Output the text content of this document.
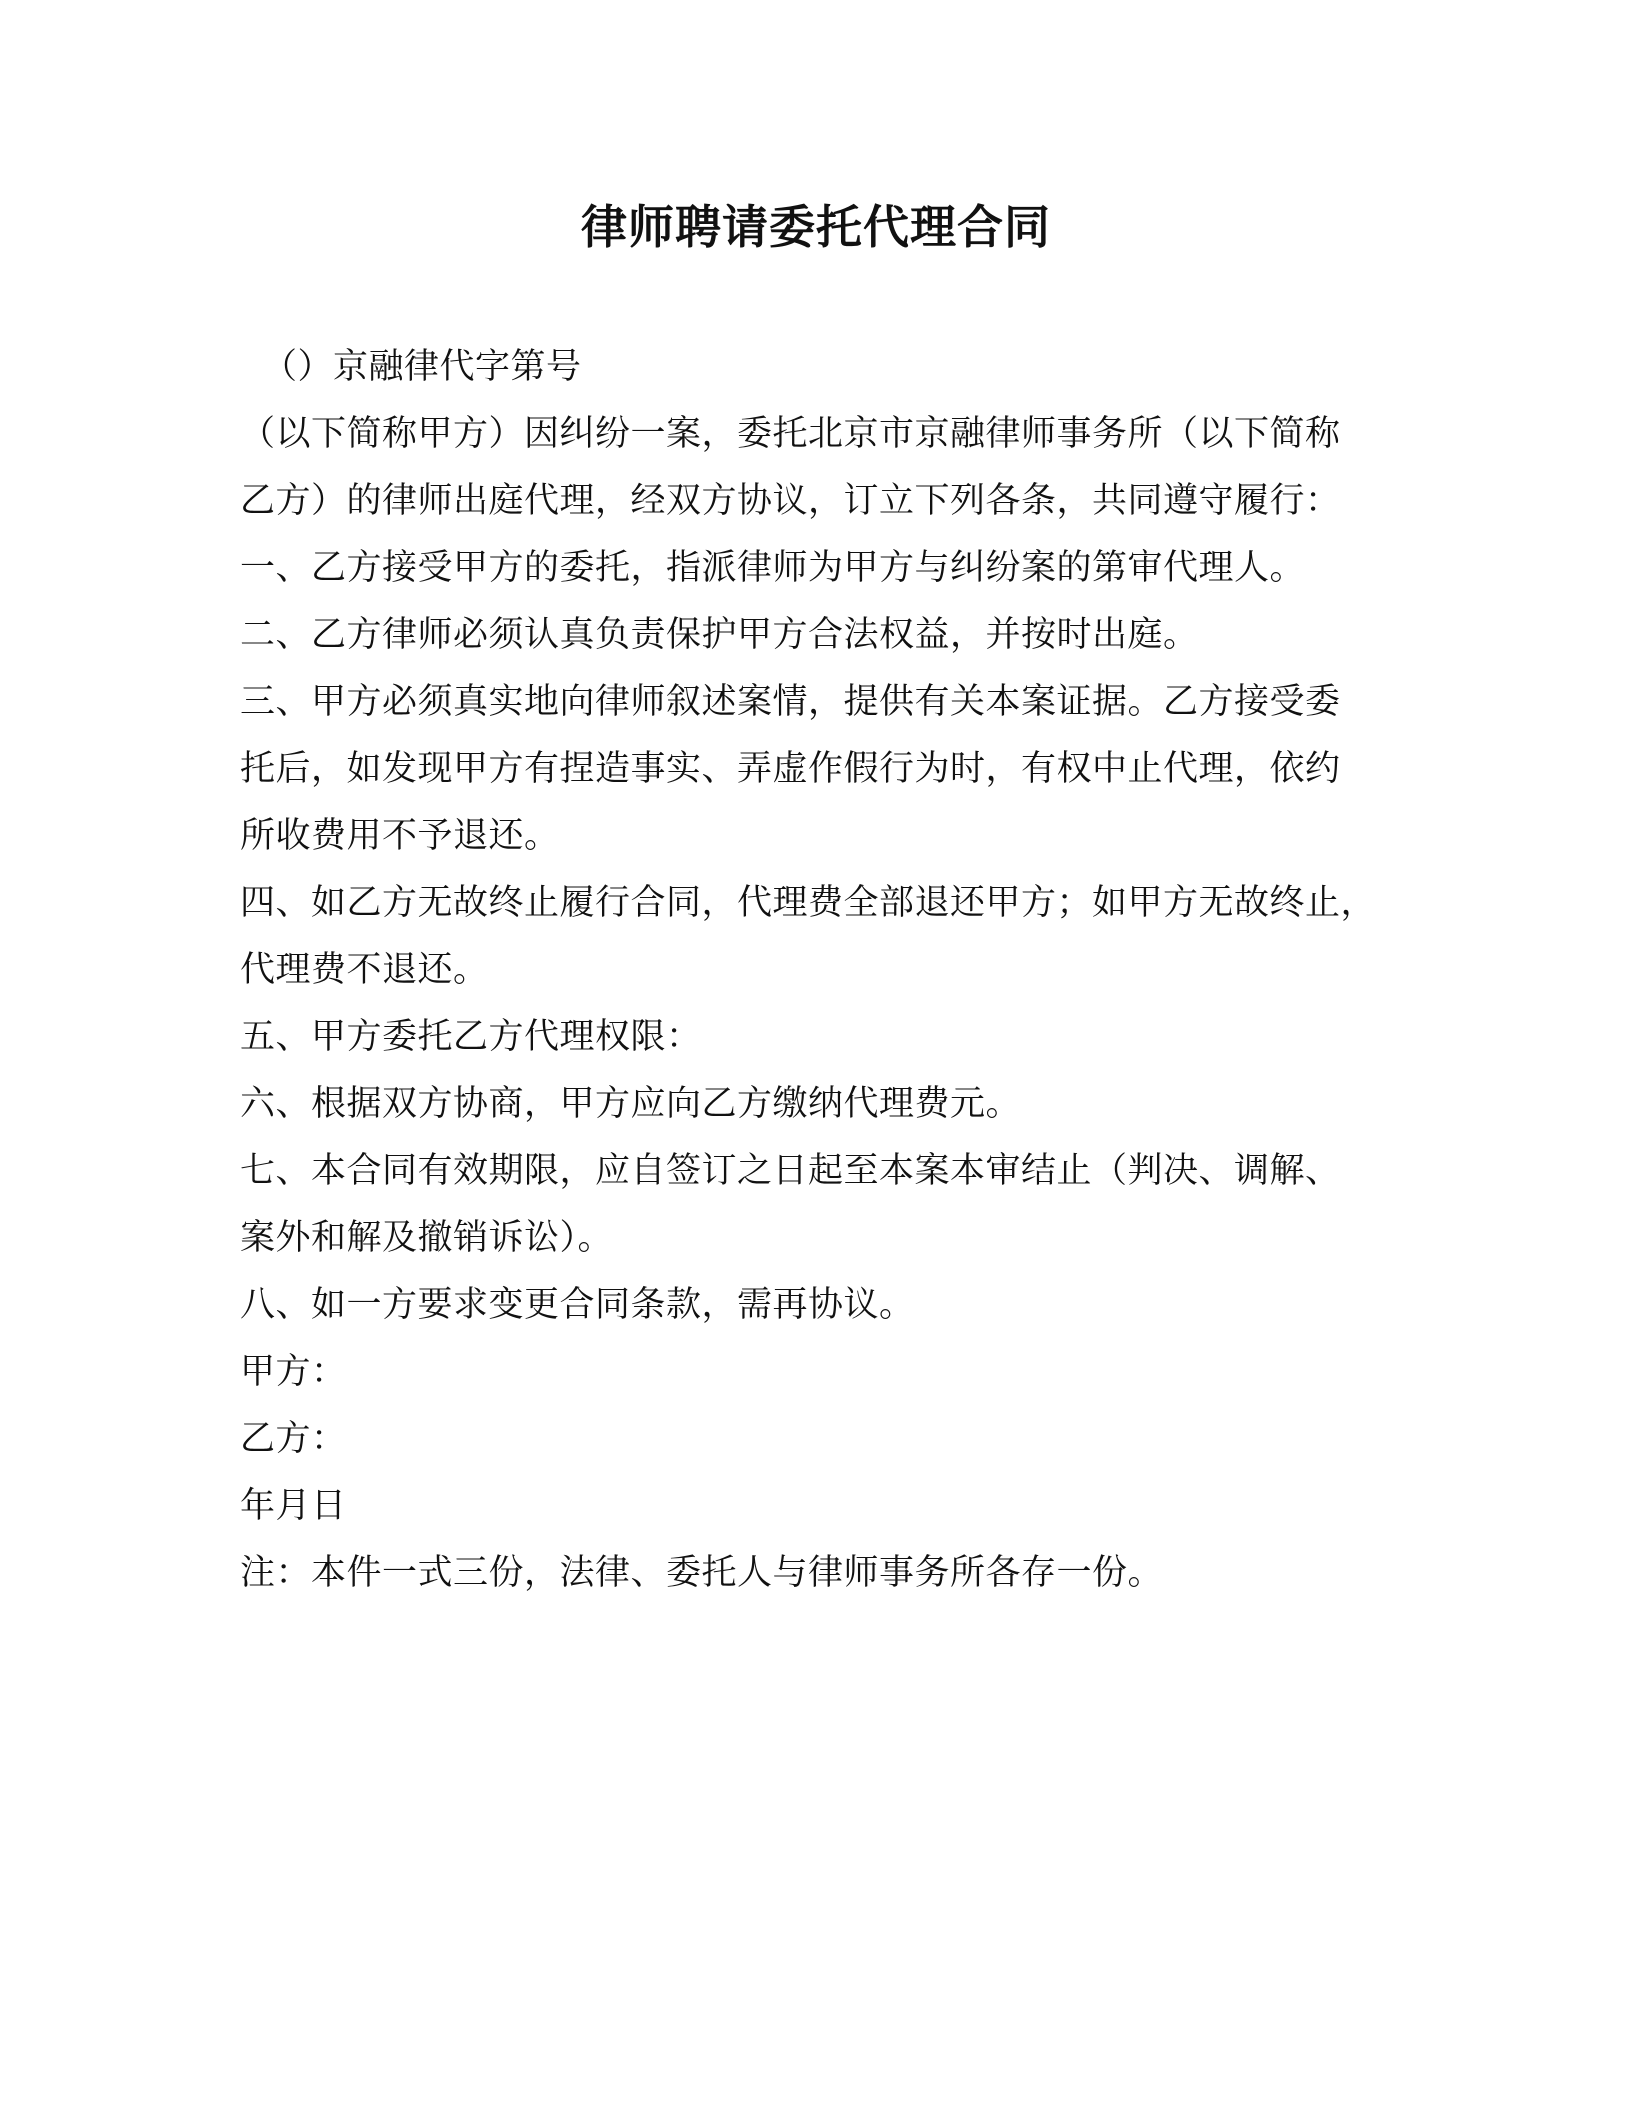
律师聘请委托代理合同

（）京融律代字第号

（以下简称甲方）因纠纷一案，委托北京市京融律师事务所（以下简称

乙方）的律师出庭代理，经双方协议，订立下列各条，共同遵守履行：

一、乙方接受甲方的委托，指派律师为甲方与纠纷案的第审代理人。

二、乙方律师必须认真负责保护甲方合法权益，并按时出庭。

三、甲方必须真实地向律师叙述案情，提供有关本案证据。乙方接受委

托后，如发现甲方有捏造事实、弄虚作假行为时，有权中止代理，依约

所收费用不予退还。

四、如乙方无故终止履行合同，代理费全部退还甲方；如甲方无故终止，

代理费不退还。

五、甲方委托乙方代理权限：

六、根据双方协商，甲方应向乙方缴纳代理费元。

七、本合同有效期限，应自签订之日起至本案本审结止（判决、调解、

案外和解及撤销诉讼）。

八、如一方要求变更合同条款，需再协议。

甲方：

乙方：

年月日

注：本件一式三份，法律、委托人与律师事务所各存一份。
